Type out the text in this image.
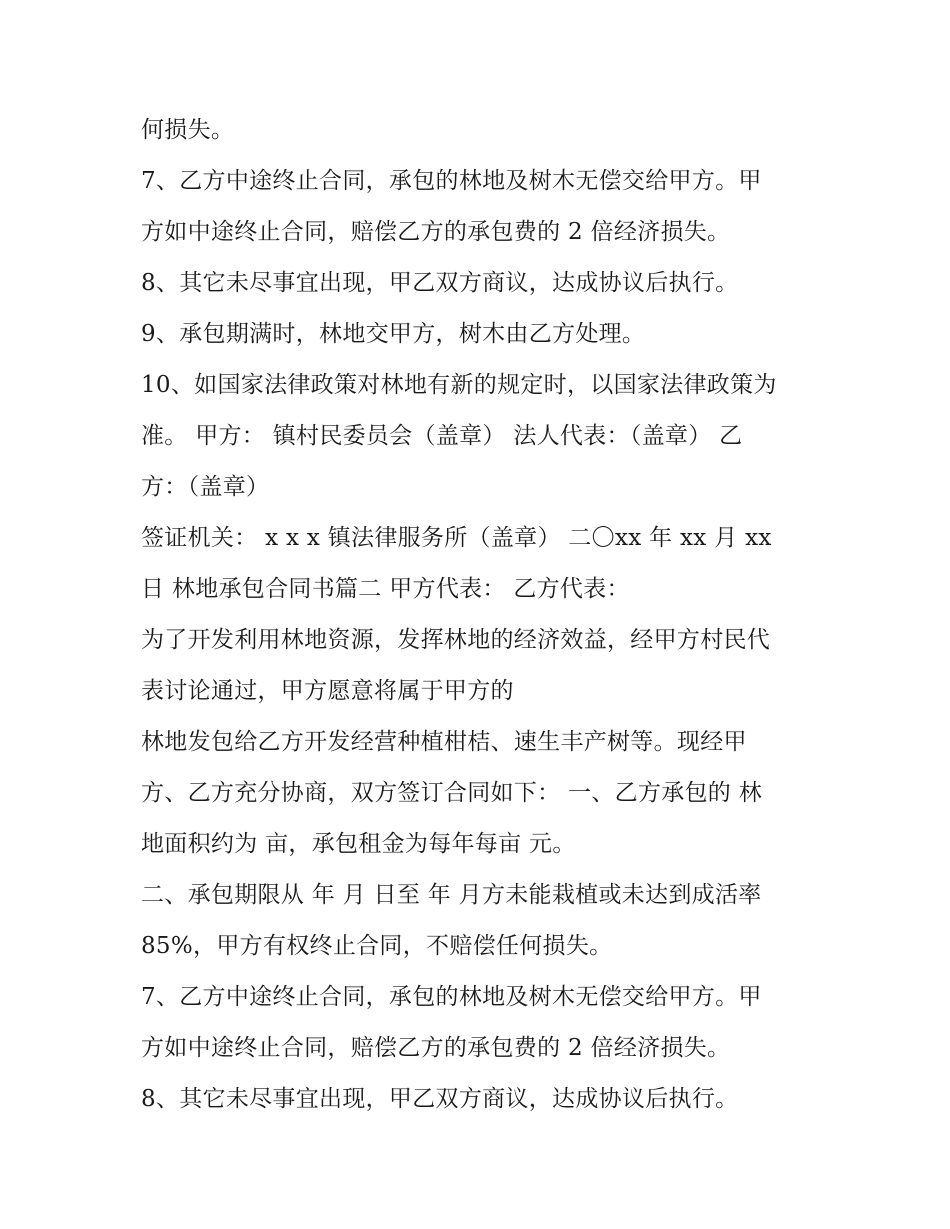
何损失。
7、乙方中途终止合同，承包的林地及树木无偿交给甲方。甲
方如中途终止合同，赔偿乙方的承包费的 2 倍经济损失。
8、其它未尽事宜出现，甲乙双方商议，达成协议后执行。
9、承包期满时，林地交甲方，树木由乙方处理。
10、如国家法律政策对林地有新的规定时，以国家法律政策为
准。 甲方： 镇村民委员会（盖章） 法人代表：（盖章） 乙
方：（盖章）
签证机关： x x x 镇法律服务所（盖章） 二〇xx 年 xx 月 xx
日 林地承包合同书篇二 甲方代表： 乙方代表：
为了开发利用林地资源，发挥林地的经济效益，经甲方村民代
表讨论通过，甲方愿意将属于甲方的
林地发包给乙方开发经营种植柑桔、速生丰产树等。现经甲
方、乙方充分协商，双方签订合同如下： 一、乙方承包的 林
地面积约为 亩，承包租金为每年每亩 元。
二、承包期限从 年 月 日至 年 月方未能栽植或未达到成活率
85%，甲方有权终止合同，不赔偿任何损失。
7、乙方中途终止合同，承包的林地及树木无偿交给甲方。甲
方如中途终止合同，赔偿乙方的承包费的 2 倍经济损失。
8、其它未尽事宜出现，甲乙双方商议，达成协议后执行。
